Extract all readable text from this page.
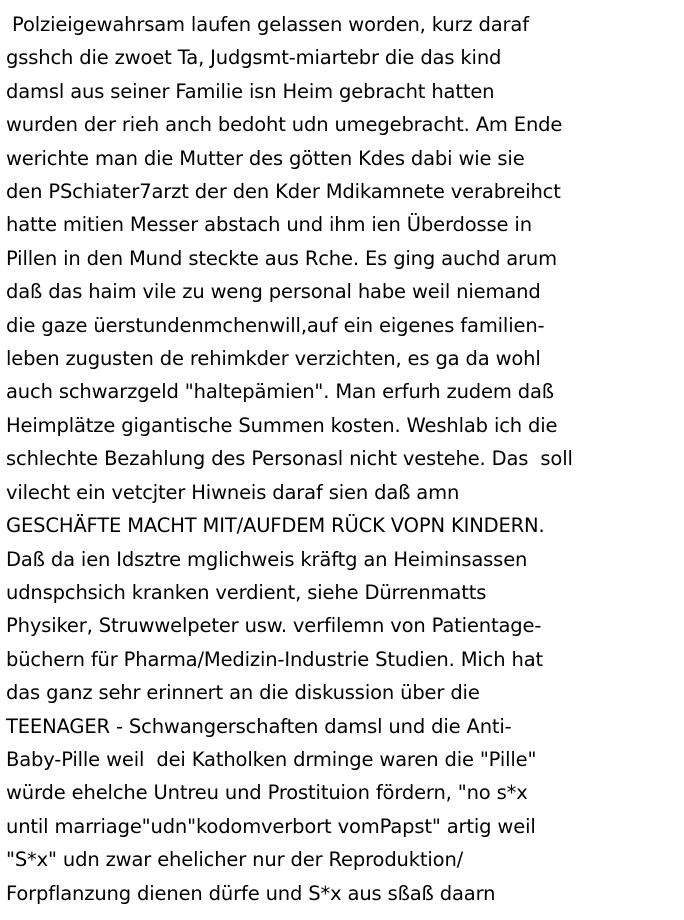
Polzieigewahrsam laufen gelassen worden, kurz daraf
gsshch die zwoet Ta, Judgsmt-miartebr die das kind
damsl aus seiner Familie isn Heim gebracht hatten
wurden der rieh anch bedoht udn umegebracht. Am Ende
werichte man die Mutter des götten Kdes dabi wie sie
den PSchiater7arzt der den Kder Mdikamnete verabreihct
hatte mitien Messer abstach und ihm ien Überdosse in
Pillen in den Mund steckte aus Rche. Es ging auchd arum
daß das haim vile zu weng personal habe weil niemand
die gaze üerstundenmchenwill,auf ein eigenes familien-
leben zugusten de rehimkder verzichten, es ga da wohl
auch schwarzgeld "haltepämien". Man erfurh zudem daß
Heimplätze gigantische Summen kosten. Weshlab ich die
schlechte Bezahlung des Personasl nicht vestehe. Das  soll
vilecht ein vetcjter Hiwneis daraf sien daß amn
GESCHÄFTE MACHT MIT/AUFDEM RÜCK VOPN KINDERN.
Daß da ien Idsztre mglichweis kräftg an Heiminsassen
udnspchsich kranken verdient, siehe Dürrenmatts
Physiker, Struwwelpeter usw. verfilemn von Patientage-
büchern für Pharma/Medizin-Industrie Studien. Mich hat
das ganz sehr erinnert an die diskussion über die
TEENAGER - Schwangerschaften damsl und die Anti-
Baby-Pille weil  dei Katholken drminge waren die "Pille"
würde ehelche Untreu und Prostituion fördern, "no s*x
until marriage"udn"kodomverbort vomPapst" artig weil
"S*x" udn zwar ehelicher nur der Reproduktion/
Forpflanzung dienen dürfe und S*x aus sßaß daarn
